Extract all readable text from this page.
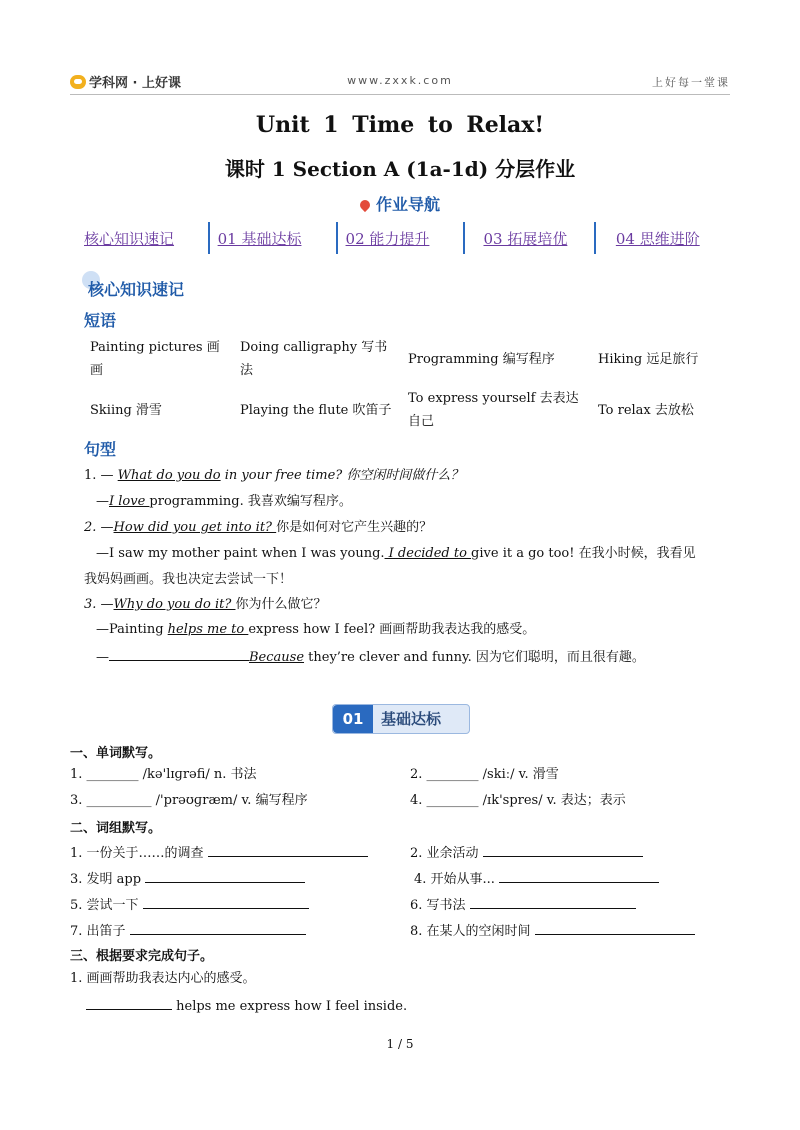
学科网 · 上好课	www.zxxk.com	上好每一堂课
Unit 1 Time to Relax!
课时 1 Section A (1a-1d) 分层作业
作业导航
核心知识速记	01 基础达标	02 能力提升	03 拓展培优	04 思维进阶
核心知识速记
短语
Painting pictures 画画	Doing calligraphy 写书法	Programming 编写程序	Hiking 远足旅行
Skiing 滑雪	Playing the flute 吹笛子	To express yourself 去表达自己	To relax 去放松
句型
1. — What do you do in your free time? 你空闲时间做什么？
—I love programming. 我喜欢编写程序。
2. —How did you get into it? 你是如何对它产生兴趣的？
—I saw my mother paint when I was young. I decided to give it a go too! 在我小时候，我看见
我妈妈画画。我也决定去尝试一下！
3. —Why do you do it? 你为什么做它？
—Painting helps me to express how I feel? 画画帮助我表达我的感受。
—	Because they’re clever and funny. 因为它们聪明，而且很有趣。
01	基础达标
一、单词默写。
1. ________ /kə'lɪɡrəfi/ n. 书法	2. ________ /skiː/ v. 滑雪
3. __________ /'prəʊɡræm/ v. 编写程序	4. ________ /ɪk'spres/ v. 表达；表示
二、词组默写。
1. 一份关于……的调查	2. 业余活动
3. 发明 app	4. 开始从事...
5. 尝试一下	6. 写书法
7. 出笛子	8. 在某人的空闲时间
三、根据要求完成句子。
1. 画画帮助我表达内心的感受。
helps me express how I feel inside.
1 / 5
